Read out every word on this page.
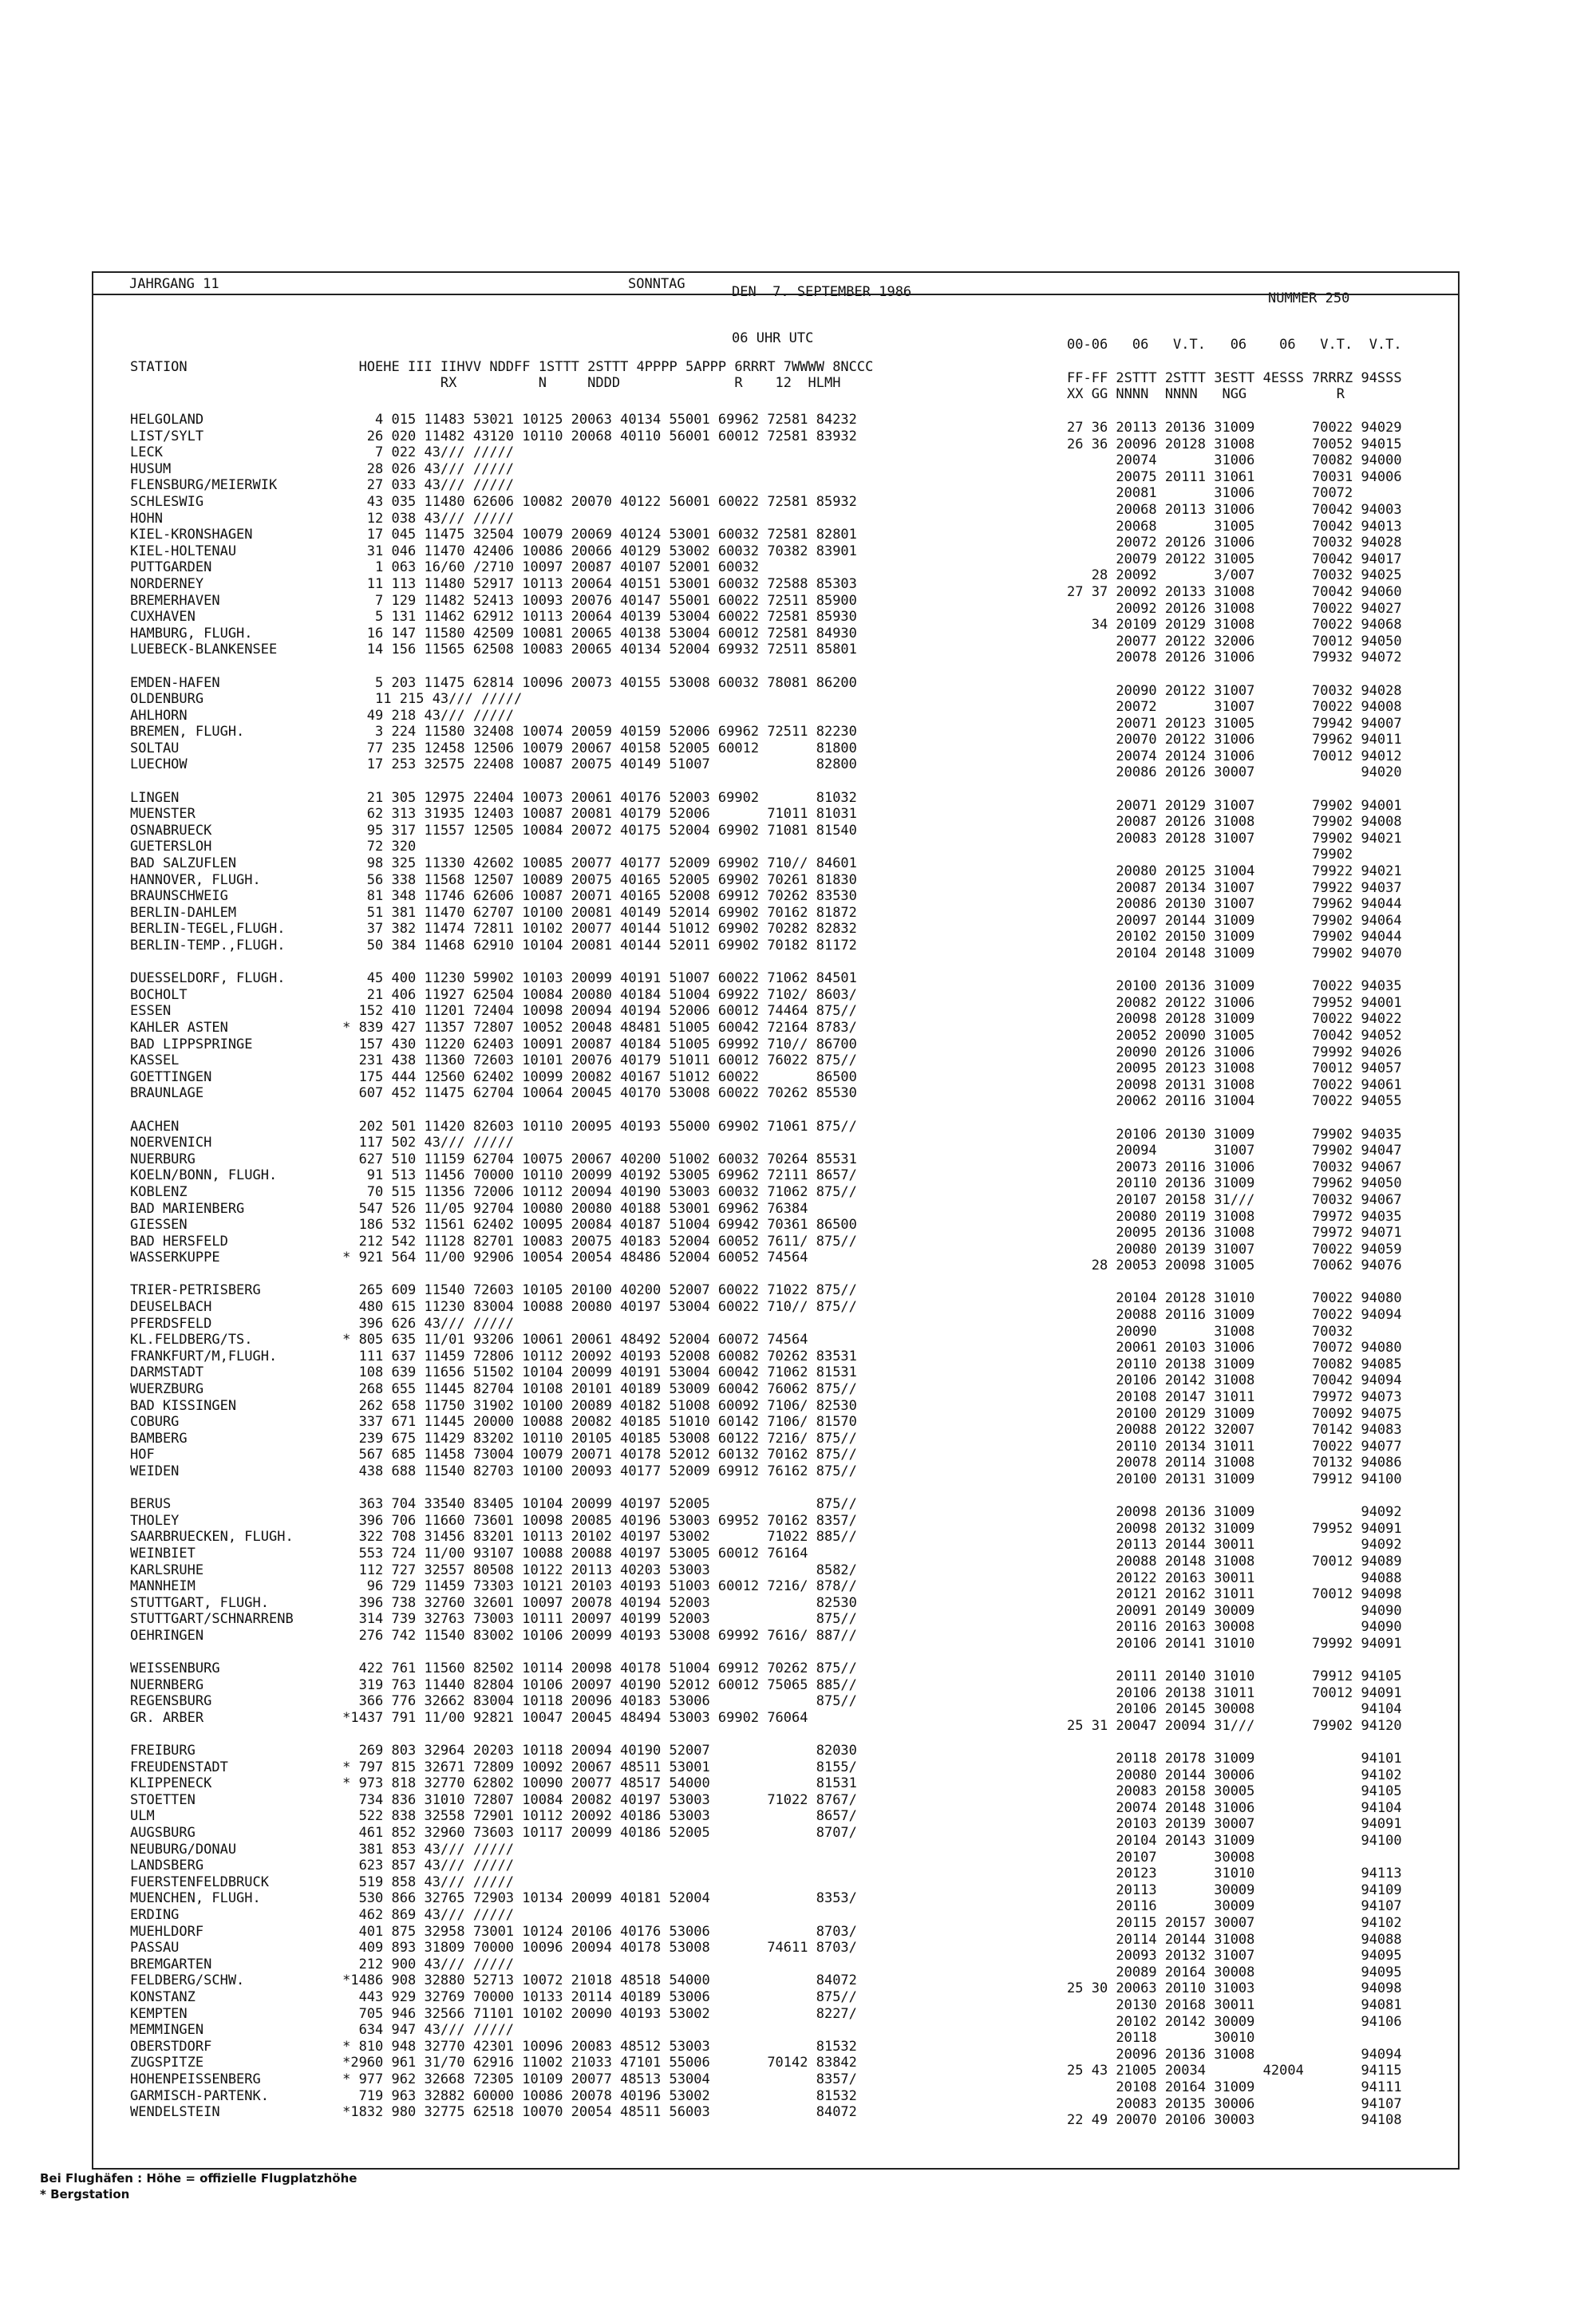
JAHRGANG 11	SONNTAG	DEN  7. SEPTEMBER 1986	NUMMER 250
06 UHR UTC
STATION                     HOEHE III IIHVV NDDFF 1STTT 2STTT 4PPPP 5APPP 6RRRT 7WWWW 8NCCC
RX          N     NDDD              R    12  HLMH
00-06   06   V.T.   06    06   V.T.  V.T.
FF-FF 2STTT 2STTT 3ESTT 4ESSS 7RRRZ 94SSS
XX GG NNNN  NNNN   NGG           R
HELGOLAND                     4 015 11483 53021 10125 20063 40134 55001 69962 72581 84232
LIST/SYLT                    26 020 11482 43120 10110 20068 40110 56001 60012 72581 83932
LECK                          7 022 43/// /////
HUSUM                        28 026 43/// /////
FLENSBURG/MEIERWIK           27 033 43/// /////
SCHLESWIG                    43 035 11480 62606 10082 20070 40122 56001 60022 72581 85932
HOHN                         12 038 43/// /////
KIEL-KRONSHAGEN              17 045 11475 32504 10079 20069 40124 53001 60032 72581 82801
KIEL-HOLTENAU                31 046 11470 42406 10086 20066 40129 53002 60032 70382 83901
PUTTGARDEN                    1 063 16/60 /2710 10097 20087 40107 52001 60032
NORDERNEY                    11 113 11480 52917 10113 20064 40151 53001 60032 72588 85303
BREMERHAVEN                   7 129 11482 52413 10093 20076 40147 55001 60022 72511 85900
CUXHAVEN                      5 131 11462 62912 10113 20064 40139 53004 60022 72581 85930
HAMBURG, FLUGH.              16 147 11580 42509 10081 20065 40138 53004 60012 72581 84930
LUEBECK-BLANKENSEE           14 156 11565 62508 10083 20065 40134 52004 69932 72511 85801
EMDEN-HAFEN                   5 203 11475 62814 10096 20073 40155 53008 60032 78081 86200
OLDENBURG                     11 215 43/// /////
AHLHORN                      49 218 43/// /////
BREMEN, FLUGH.                3 224 11580 32408 10074 20059 40159 52006 69962 72511 82230
SOLTAU                       77 235 12458 12506 10079 20067 40158 52005 60012       81800
LUECHOW                      17 253 32575 22408 10087 20075 40149 51007             82800
LINGEN                       21 305 12975 22404 10073 20061 40176 52003 69902       81032
MUENSTER                     62 313 31935 12403 10087 20081 40179 52006       71011 81031
OSNABRUECK                   95 317 11557 12505 10084 20072 40175 52004 69902 71081 81540
GUETERSLOH                   72 320
BAD SALZUFLEN                98 325 11330 42602 10085 20077 40177 52009 69902 710// 84601
HANNOVER, FLUGH.             56 338 11568 12507 10089 20075 40165 52005 69902 70261 81830
BRAUNSCHWEIG                 81 348 11746 62606 10087 20071 40165 52008 69912 70262 83530
BERLIN-DAHLEM                51 381 11470 62707 10100 20081 40149 52014 69902 70162 81872
BERLIN-TEGEL,FLUGH.          37 382 11474 72811 10102 20077 40144 51012 69902 70282 82832
BERLIN-TEMP.,FLUGH.          50 384 11468 62910 10104 20081 40144 52011 69902 70182 81172
DUESSELDORF, FLUGH.          45 400 11230 59902 10103 20099 40191 51007 60022 71062 84501
BOCHOLT                      21 406 11927 62504 10084 20080 40184 51004 69922 7102/ 8603/
ESSEN                       152 410 11201 72404 10098 20094 40194 52006 60012 74464 875//
KAHLER ASTEN              * 839 427 11357 72807 10052 20048 48481 51005 60042 72164 8783/
BAD LIPPSPRINGE             157 430 11220 62403 10091 20087 40184 51005 69992 710// 86700
KASSEL                      231 438 11360 72603 10101 20076 40179 51011 60012 76022 875//
GOETTINGEN                  175 444 12560 62402 10099 20082 40167 51012 60022       86500
BRAUNLAGE                   607 452 11475 62704 10064 20045 40170 53008 60022 70262 85530
AACHEN                      202 501 11420 82603 10110 20095 40193 55000 69902 71061 875//
NOERVENICH                  117 502 43/// /////
NUERBURG                    627 510 11159 62704 10075 20067 40200 51002 60032 70264 85531
KOELN/BONN, FLUGH.           91 513 11456 70000 10110 20099 40192 53005 69962 72111 8657/
KOBLENZ                      70 515 11356 72006 10112 20094 40190 53003 60032 71062 875//
BAD MARIENBERG              547 526 11/05 92704 10080 20080 40188 53001 69962 76384
GIESSEN                     186 532 11561 62402 10095 20084 40187 51004 69942 70361 86500
BAD HERSFELD                212 542 11128 82701 10083 20075 40183 52004 60052 7611/ 875//
WASSERKUPPE               * 921 564 11/00 92906 10054 20054 48486 52004 60052 74564
TRIER-PETRISBERG            265 609 11540 72603 10105 20100 40200 52007 60022 71022 875//
DEUSELBACH                  480 615 11230 83004 10088 20080 40197 53004 60022 710// 875//
PFERDSFELD                  396 626 43/// /////
KL.FELDBERG/TS.           * 805 635 11/01 93206 10061 20061 48492 52004 60072 74564
FRANKFURT/M,FLUGH.          111 637 11459 72806 10112 20092 40193 52008 60082 70262 83531
DARMSTADT                   108 639 11656 51502 10104 20099 40191 53004 60042 71062 81531
WUERZBURG                   268 655 11445 82704 10108 20101 40189 53009 60042 76062 875//
BAD KISSINGEN               262 658 11750 31902 10100 20089 40182 51008 60092 7106/ 82530
COBURG                      337 671 11445 20000 10088 20082 40185 51010 60142 7106/ 81570
BAMBERG                     239 675 11429 83202 10110 20105 40185 53008 60122 7216/ 875//
HOF                         567 685 11458 73004 10079 20071 40178 52012 60132 70162 875//
WEIDEN                      438 688 11540 82703 10100 20093 40177 52009 69912 76162 875//
BERUS                       363 704 33540 83405 10104 20099 40197 52005             875//
THOLEY                      396 706 11660 73601 10098 20085 40196 53003 69952 70162 8357/
SAARBRUECKEN, FLUGH.        322 708 31456 83201 10113 20102 40197 53002       71022 885//
WEINBIET                    553 724 11/00 93107 10088 20088 40197 53005 60012 76164
KARLSRUHE                   112 727 32557 80508 10122 20113 40203 53003             8582/
MANNHEIM                     96 729 11459 73303 10121 20103 40193 51003 60012 7216/ 878//
STUTTGART, FLUGH.           396 738 32760 32601 10097 20078 40194 52003             82530
STUTTGART/SCHNARRENB        314 739 32763 73003 10111 20097 40199 52003             875//
OEHRINGEN                   276 742 11540 83002 10106 20099 40193 53008 69992 7616/ 887//
WEISSENBURG                 422 761 11560 82502 10114 20098 40178 51004 69912 70262 875//
NUERNBERG                   319 763 11440 82804 10106 20097 40190 52012 60012 75065 885//
REGENSBURG                  366 776 32662 83004 10118 20096 40183 53006             875//
GR. ARBER                 *1437 791 11/00 92821 10047 20045 48494 53003 69902 76064
FREIBURG                    269 803 32964 20203 10118 20094 40190 52007             82030
FREUDENSTADT              * 797 815 32671 72809 10092 20067 48511 53001             8155/
KLIPPENECK                * 973 818 32770 62802 10090 20077 48517 54000             81531
STOETTEN                    734 836 31010 72807 10084 20082 40197 53003       71022 8767/
ULM                         522 838 32558 72901 10112 20092 40186 53003             8657/
AUGSBURG                    461 852 32960 73603 10117 20099 40186 52005             8707/
NEUBURG/DONAU               381 853 43/// /////
LANDSBERG                   623 857 43/// /////
FUERSTENFELDBRUCK           519 858 43/// /////
MUENCHEN, FLUGH.            530 866 32765 72903 10134 20099 40181 52004             8353/
ERDING                      462 869 43/// /////
MUEHLDORF                   401 875 32958 73001 10124 20106 40176 53006             8703/
PASSAU                      409 893 31809 70000 10096 20094 40178 53008       74611 8703/
BREMGARTEN                  212 900 43/// /////
FELDBERG/SCHW.            *1486 908 32880 52713 10072 21018 48518 54000             84072
KONSTANZ                    443 929 32769 70000 10133 20114 40189 53006             875//
KEMPTEN                     705 946 32566 71101 10102 20090 40193 53002             8227/
MEMMINGEN                   634 947 43/// /////
OBERSTDORF                * 810 948 32770 42301 10096 20083 48512 53003             81532
ZUGSPITZE                 *2960 961 31/70 62916 11002 21033 47101 55006       70142 83842
HOHENPEISSENBERG          * 977 962 32668 72305 10109 20077 48513 53004             8357/
GARMISCH-PARTENK.           719 963 32882 60000 10086 20078 40196 53002             81532
WENDELSTEIN               *1832 980 32775 62518 10070 20054 48511 56003             84072
27 36 20113 20136 31009       70022 94029
26 36 20096 20128 31008       70052 94015
20074       31006       70082 94000
20075 20111 31061       70031 94006
20081       31006       70072
20068 20113 31006       70042 94003
20068       31005       70042 94013
20072 20126 31006       70032 94028
20079 20122 31005       70042 94017
28 20092       3/007       70032 94025
27 37 20092 20133 31008       70042 94060
20092 20126 31008       70022 94027
34 20109 20129 31008       70022 94068
20077 20122 32006       70012 94050
20078 20126 31006       79932 94072
20090 20122 31007       70032 94028
20072       31007       70022 94008
20071 20123 31005       79942 94007
20070 20122 31006       79962 94011
20074 20124 31006       70012 94012
20086 20126 30007             94020
20071 20129 31007       79902 94001
20087 20126 31008       79902 94008
20083 20128 31007       79902 94021
79902
20080 20125 31004       79922 94021
20087 20134 31007       79922 94037
20086 20130 31007       79962 94044
20097 20144 31009       79902 94064
20102 20150 31009       79902 94044
20104 20148 31009       79902 94070
20100 20136 31009       70022 94035
20082 20122 31006       79952 94001
20098 20128 31009       70022 94022
20052 20090 31005       70042 94052
20090 20126 31006       79992 94026
20095 20123 31008       70012 94057
20098 20131 31008       70022 94061
20062 20116 31004       70022 94055
20106 20130 31009       79902 94035
20094       31007       79902 94047
20073 20116 31006       70032 94067
20110 20136 31009       79962 94050
20107 20158 31///       70032 94067
20080 20119 31008       79972 94035
20095 20136 31008       79972 94071
20080 20139 31007       70022 94059
28 20053 20098 31005       70062 94076
20104 20128 31010       70022 94080
20088 20116 31009       70022 94094
20090       31008       70032
20061 20103 31006       70072 94080
20110 20138 31009       70082 94085
20106 20142 31008       70042 94094
20108 20147 31011       79972 94073
20100 20129 31009       70092 94075
20088 20122 32007       70142 94083
20110 20134 31011       70022 94077
20078 20114 31008       70132 94086
20100 20131 31009       79912 94100
20098 20136 31009             94092
20098 20132 31009       79952 94091
20113 20144 30011             94092
20088 20148 31008       70012 94089
20122 20163 30011             94088
20121 20162 31011       70012 94098
20091 20149 30009             94090
20116 20163 30008             94090
20106 20141 31010       79992 94091
20111 20140 31010       79912 94105
20106 20138 31011       70012 94091
20106 20145 30008             94104
25 31 20047 20094 31///       79902 94120
20118 20178 31009             94101
20080 20144 30006             94102
20083 20158 30005             94105
20074 20148 31006             94104
20103 20139 30007             94091
20104 20143 31009             94100
20107       30008
20123       31010             94113
20113       30009             94109
20116       30009             94107
20115 20157 30007             94102
20114 20144 31008             94088
20093 20132 31007             94095
20089 20164 30008             94095
25 30 20063 20110 31003             94098
20130 20168 30011             94081
20102 20142 30009             94106
20118       30010
20096 20136 31008             94094
25 43 21005 20034       42004       94115
20108 20164 31009             94111
20083 20135 30006             94107
22 49 20070 20106 30003             94108
Bei Flughäfen : Höhe = offizielle Flugplatzhöhe
* Bergstation
